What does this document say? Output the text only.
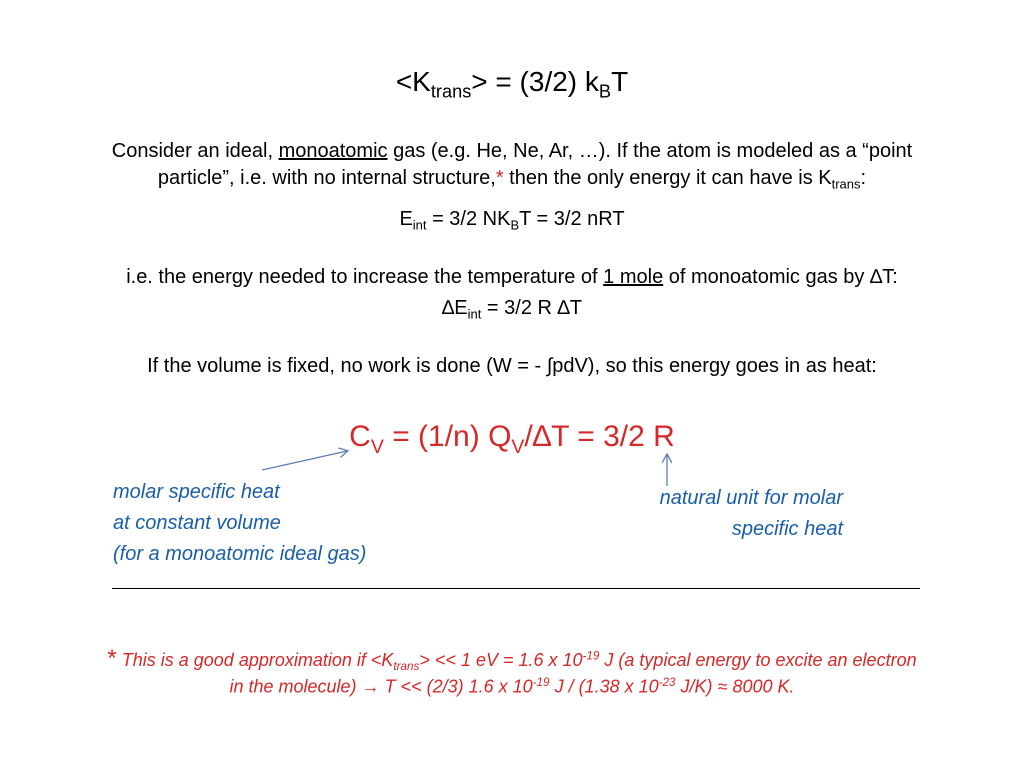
$<K_{trans}> = (3/2)$ $k_BT$
Consider an ideal, monoatomic gas (e.g. He, Ne, Ar, …). If the atom is modeled as a “point
particle”, i.e. with no internal structure,* then the only energy it can have is $K_{trans}$:
$E_{int} = 3/2$ $NK_BT = 3/2$ nRT
i.e. the energy needed to increase the temperature of 1 mole of monoatomic gas by ∆T:
$\Delta E_{int} = 3/2$ R ∆T
If the volume is fixed, no work is done (W = - ∫pdV), so this energy goes in as heat:
$C_V = (1/n) Q_V/\Delta T = 3/2$ R
molar specific heat
at constant volume
(for a monoatomic ideal gas)
natural unit for molar
specific heat
* This is a good approximation if $<K_{trans}> << 1$ eV = 1.6 x $10^{-19}$ J (a typical energy to excite an electron
in the molecule) → T << (2/3) 1.6 x $10^{-19}$ J / (1.38 x $10^{-23}$ J/K) ≈ 8000 K.
